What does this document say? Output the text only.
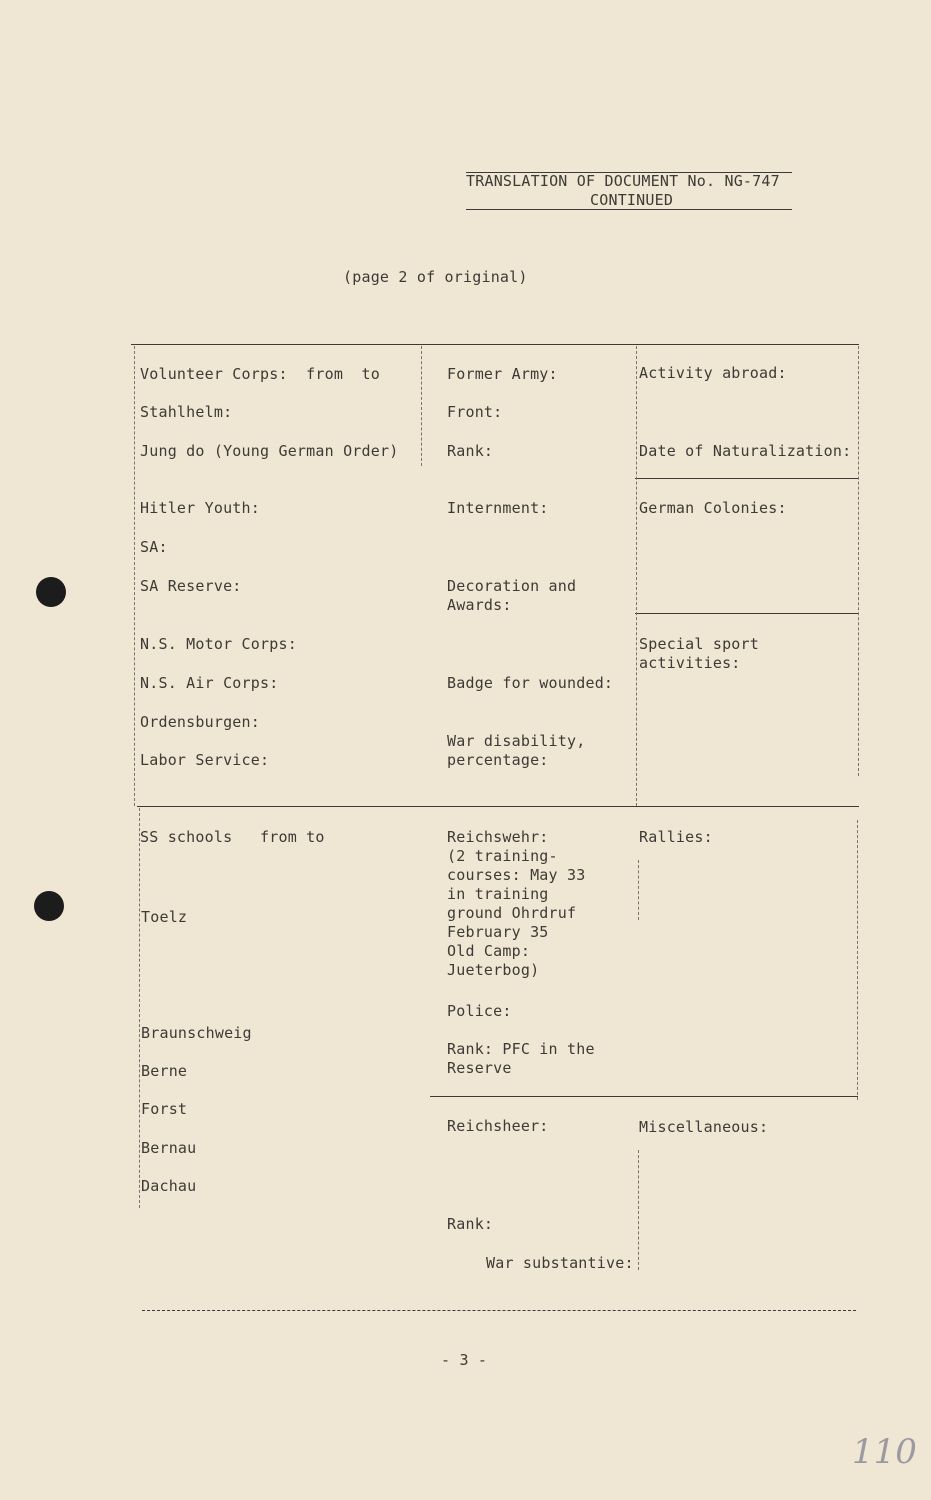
TRANSLATION OF DOCUMENT No. NG-747
CONTINUED
(page 2 of original)
Volunteer Corps:  from  to
Stahlhelm:
Jung do (Young German Order)
Hitler Youth:
SA:
SA Reserve:
N.S. Motor Corps:
N.S. Air Corps:
Ordensburgen:
Labor Service:
SS schools   from to
Toelz
Braunschweig
Berne
Forst
Bernau
Dachau
Former Army:
Front:
Rank:
Internment:
Decoration and
Awards:
Badge for wounded:
War disability,
percentage:
Reichswehr:
(2 training-
courses: May 33
in training
ground Ohrdruf
February 35
Old Camp:
Jueterbog)
Police:
Rank: PFC in the
Reserve
Reichsheer:
Rank:
War substantive:
Activity abroad:
Date of Naturalization:
German Colonies:
Special sport
activities:
Rallies:
Miscellaneous:
- 3 -
110
